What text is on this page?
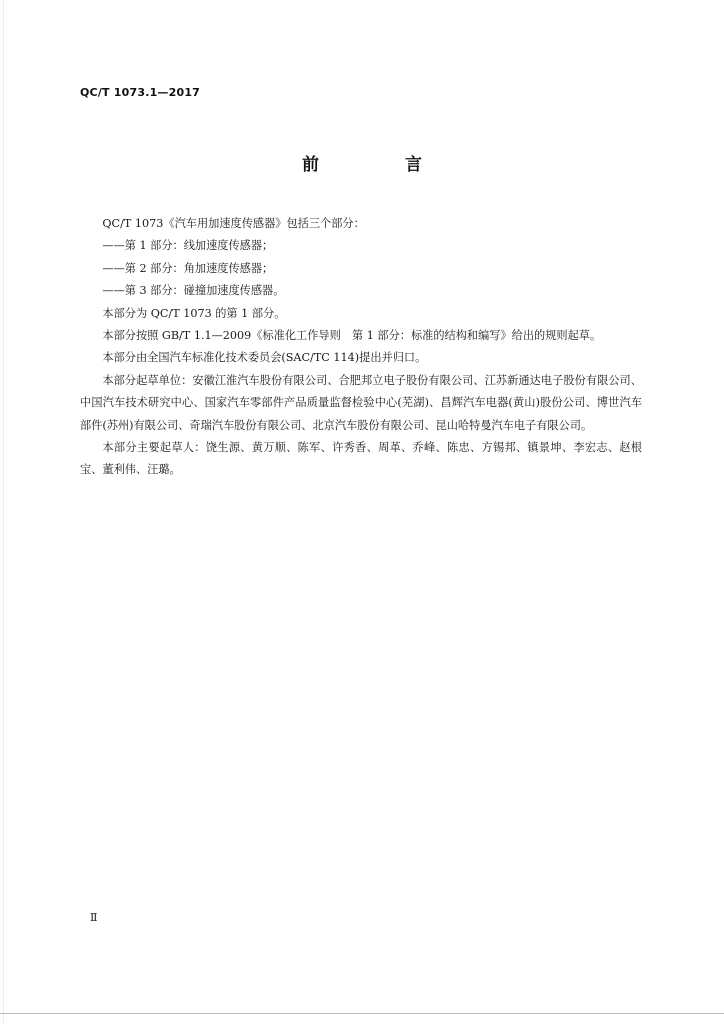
QC/T 1073.1—2017
前 言

QC/T 1073《汽车用加速度传感器》包括三个部分：

——第 1 部分：线加速度传感器；

——第 2 部分：角加速度传感器；

——第 3 部分：碰撞加速度传感器。

本部分为 QC/T 1073 的第 1 部分。

本部分按照 GB/T 1.1—2009《标准化工作导则　第 1 部分：标准的结构和编写》给出的规则起草。

本部分由全国汽车标准化技术委员会(SAC/TC 114)提出并归口。

本部分起草单位：安徽江淮汽车股份有限公司、合肥邦立电子股份有限公司、江苏新通达电子股份有限公司、中国汽车技术研究中心、国家汽车零部件产品质量监督检验中心(芜湖)、昌辉汽车电器(黄山)股份公司、博世汽车部件(苏州)有限公司、奇瑞汽车股份有限公司、北京汽车股份有限公司、昆山哈特曼汽车电子有限公司。

本部分主要起草人：饶生源、黄万顺、陈军、许秀香、周革、乔峰、陈忠、方锡邦、镇景坤、李宏志、赵根宝、董利伟、汪璐。

Ⅱ
